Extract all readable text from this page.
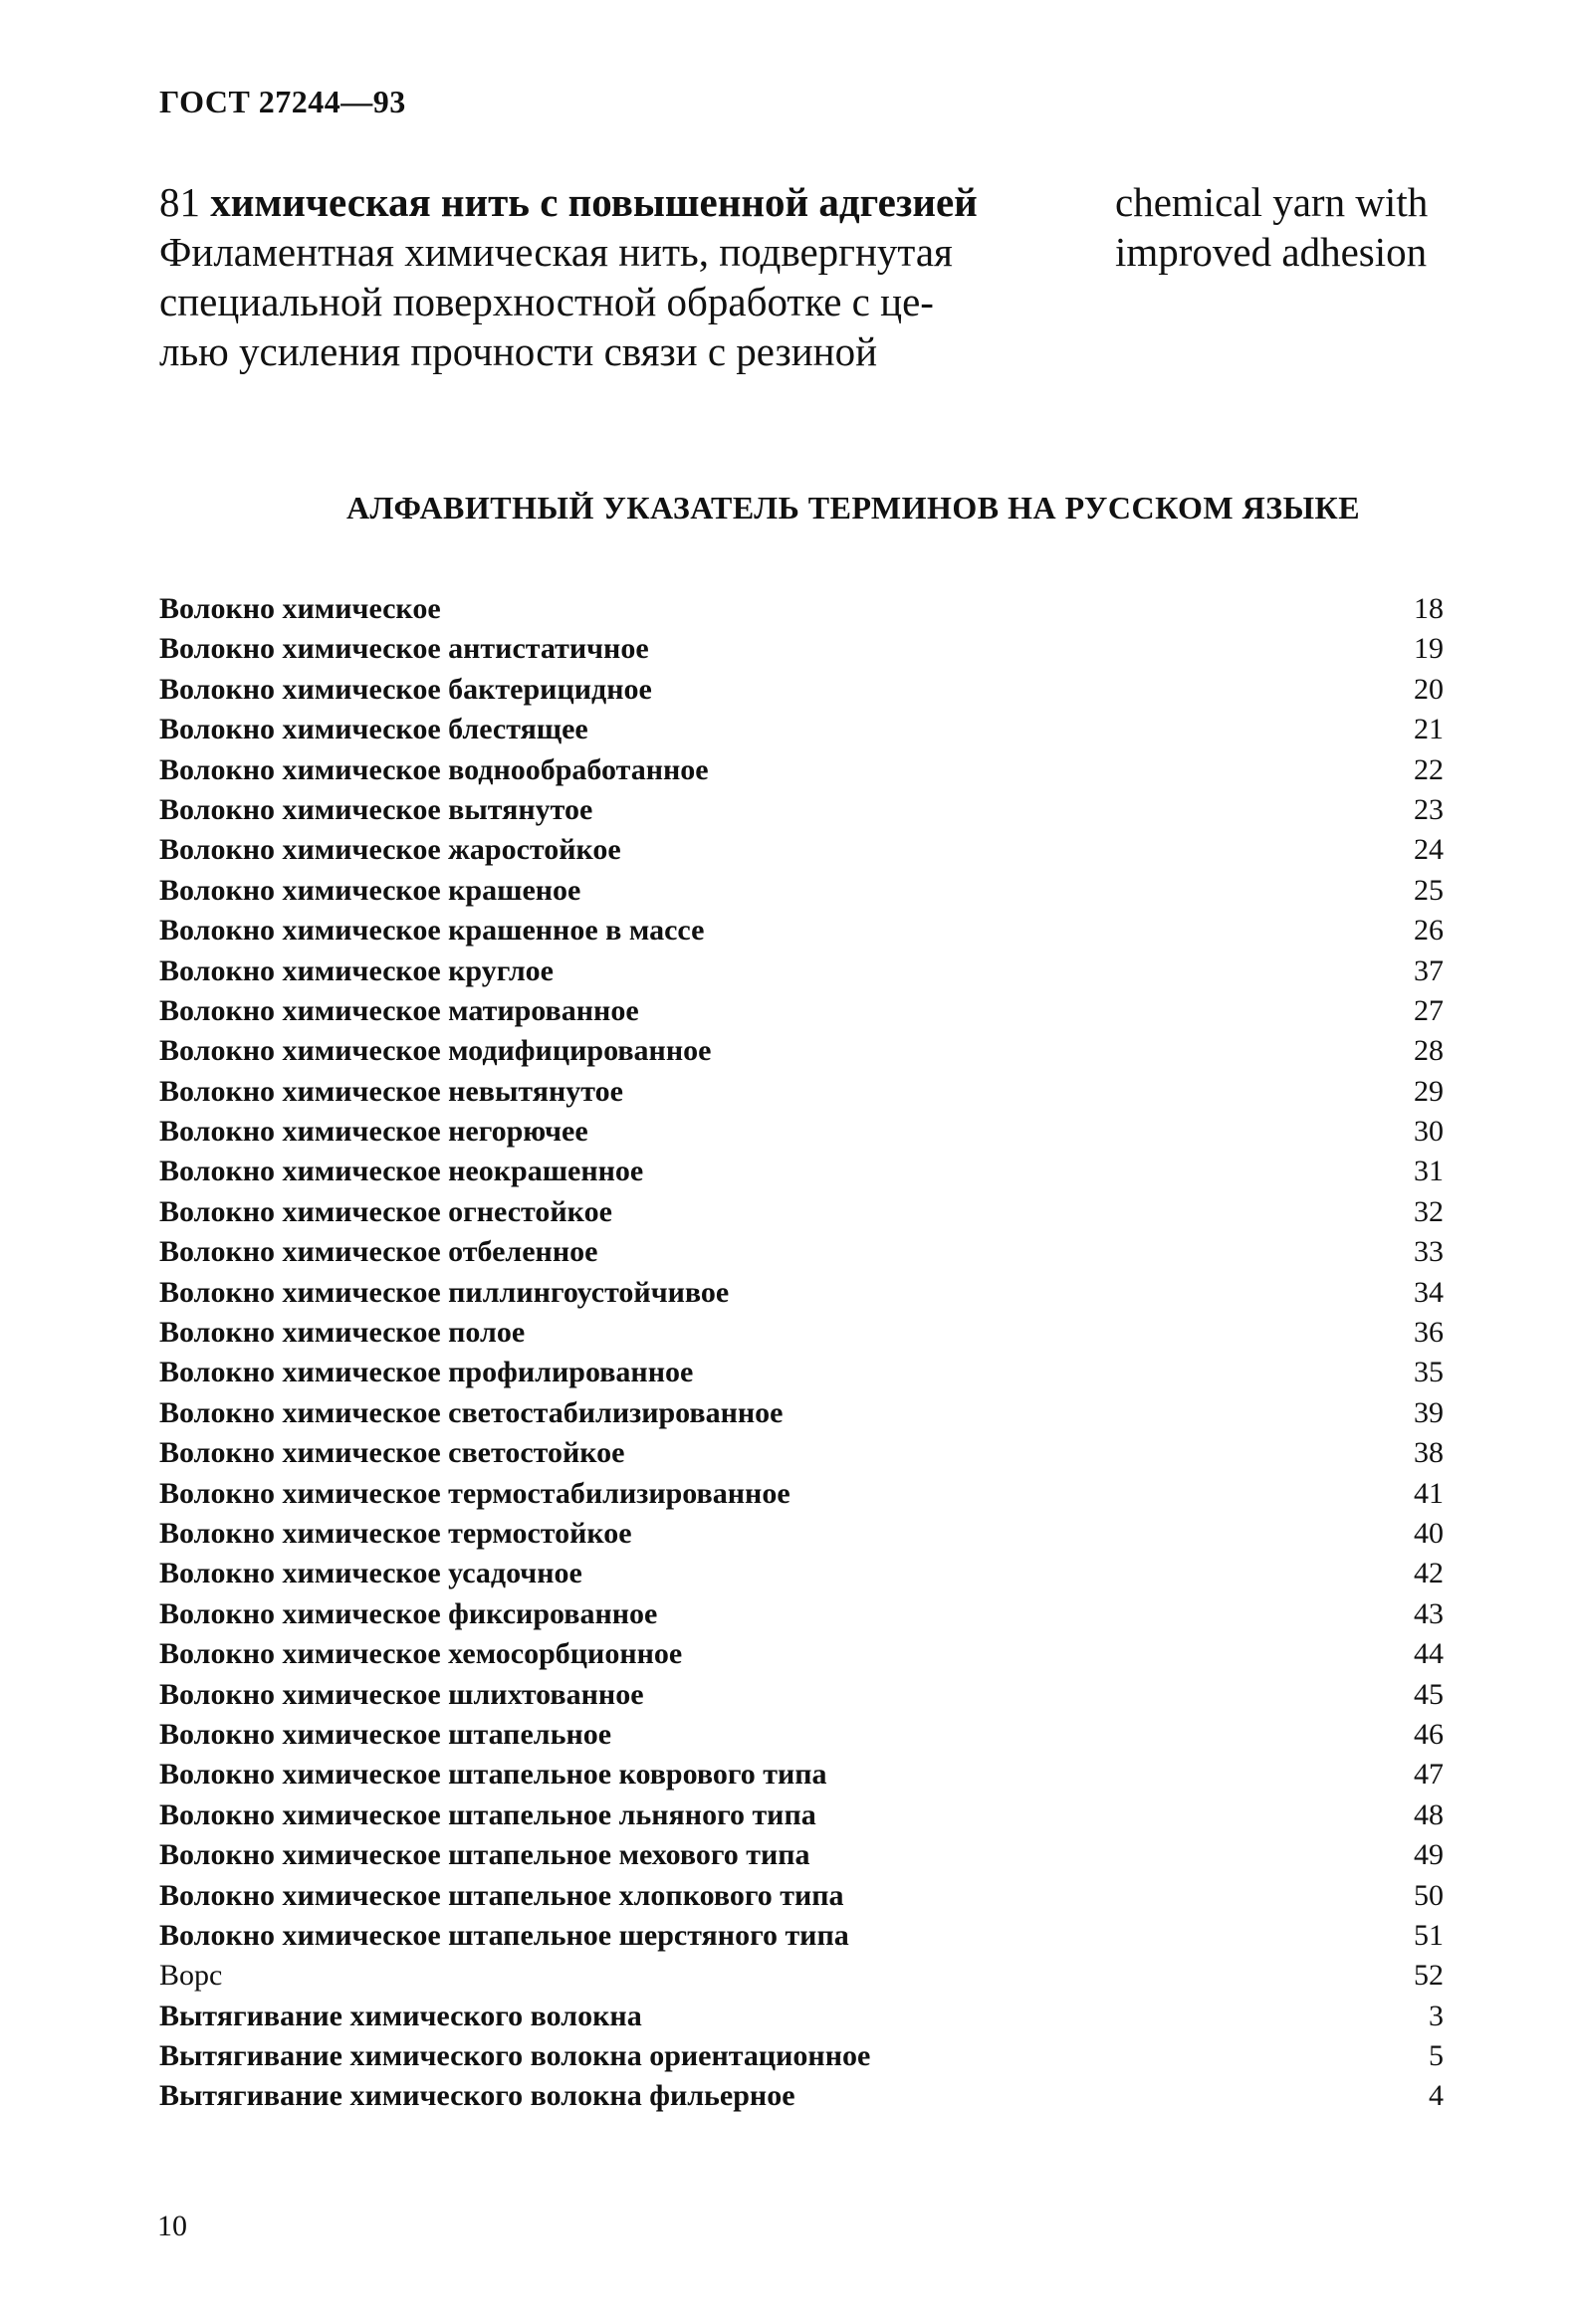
ГОСТ 27244—93
81 химическая нить с повышенной адгезией
Филаментная химическая нить, подвергнутая
специальной поверхностной обработке с це-
лью усиления прочности связи с резиной
chemical yarn with
improved adhesion
АЛФАВИТНЫЙ УКАЗАТЕЛЬ ТЕРМИНОВ НА РУССКОМ ЯЗЫКЕ
Волокно химическое	18
Волокно химическое антистатичное	19
Волокно химическое бактерицидное	20
Волокно химическое блестящее	21
Волокно химическое воднообработанное	22
Волокно химическое вытянутое	23
Волокно химическое жаростойкое	24
Волокно химическое крашеное	25
Волокно химическое крашенное в массе	26
Волокно химическое круглое	37
Волокно химическое матированное	27
Волокно химическое модифицированное	28
Волокно химическое невытянутое	29
Волокно химическое негорючее	30
Волокно химическое неокрашенное	31
Волокно химическое огнестойкое	32
Волокно химическое отбеленное	33
Волокно химическое пиллингоустойчивое	34
Волокно химическое полое	36
Волокно химическое профилированное	35
Волокно химическое светостабилизированное	39
Волокно химическое светостойкое	38
Волокно химическое термостабилизированное	41
Волокно химическое термостойкое	40
Волокно химическое усадочное	42
Волокно химическое фиксированное	43
Волокно химическое хемосорбционное	44
Волокно химическое шлихтованное	45
Волокно химическое штапельное	46
Волокно химическое штапельное коврового типа	47
Волокно химическое штапельное льняного типа	48
Волокно химическое штапельное мехового типа	49
Волокно химическое штапельное хлопкового типа	50
Волокно химическое штапельное шерстяного типа	51
Ворс	52
Вытягивание химического волокна	3
Вытягивание химического волокна ориентационное	5
Вытягивание химического волокна фильерное	4
10
